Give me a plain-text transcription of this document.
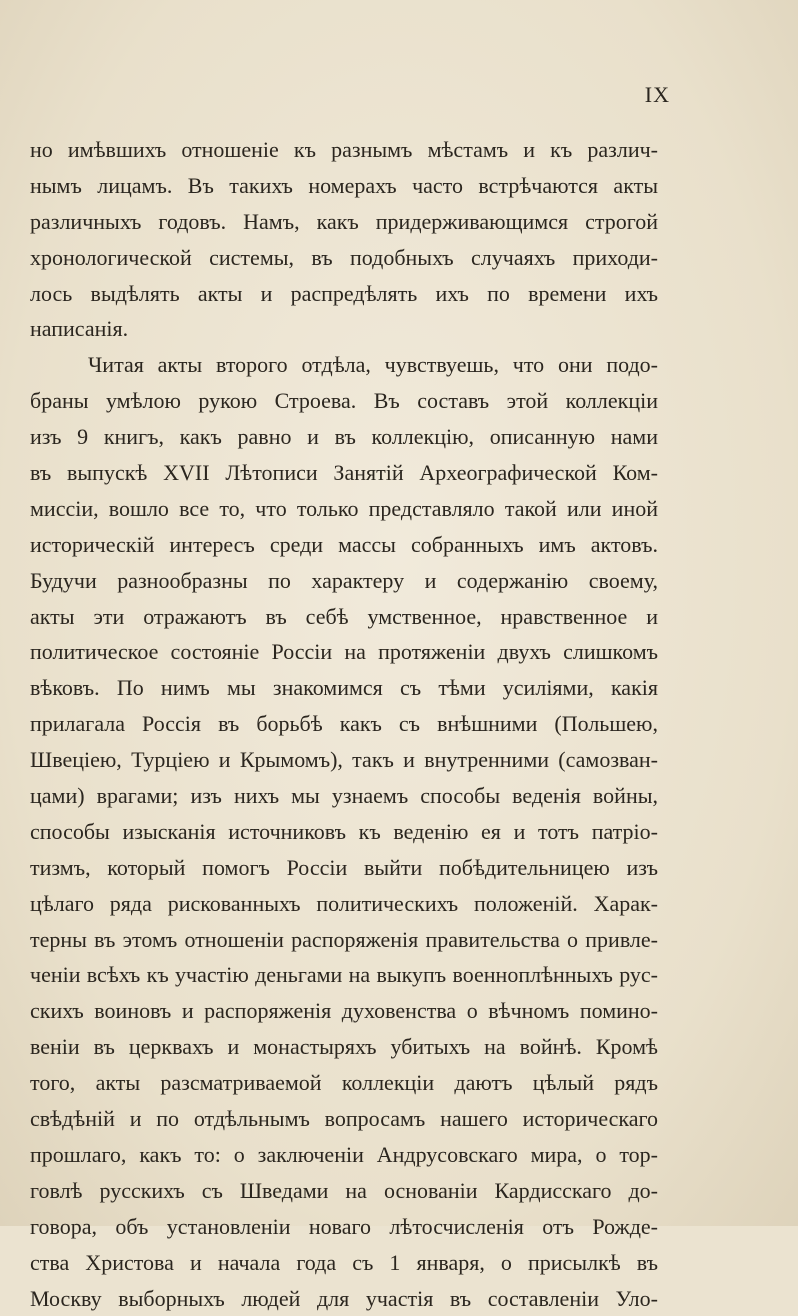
IX
но имѣвшихъ отношеніе къ разнымъ мѣстамъ и къ различ-
нымъ лицамъ. Въ такихъ номерахъ часто встрѣчаются акты
различныхъ годовъ. Намъ, какъ придерживающимся строгой
хронологической системы, въ подобныхъ случаяхъ приходи-
лось выдѣлять акты и распредѣлять ихъ по времени ихъ
написанія.
Читая акты второго отдѣла, чувствуешь, что они подо-
браны умѣлою рукою Строева. Въ составъ этой коллекціи
изъ 9 книгъ, какъ равно и въ коллекцію, описанную нами
въ выпускѣ XVII Лѣтописи Занятій Археографической Ком-
миссіи, вошло все то, что только представляло такой или иной
историческій интересъ среди массы собранныхъ имъ актовъ.
Будучи разнообразны по характеру и содержанію своему,
акты эти отражаютъ въ себѣ умственное, нравственное и
политическое состояніе Россіи на протяженіи двухъ слишкомъ
вѣковъ. По нимъ мы знакомимся съ тѣми усиліями, какія
прилагала Россія въ борьбѣ какъ съ внѣшними (Польшею,
Швеціею, Турціею и Крымомъ), такъ и внутренними (самозван-
цами) врагами; изъ нихъ мы узнаемъ способы веденія войны,
способы изысканія источниковъ къ веденію ея и тотъ патріо-
тизмъ, который помогъ Россіи выйти побѣдительницею изъ
цѣлаго ряда рискованныхъ политическихъ положеній. Харак-
терны въ этомъ отношеніи распоряженія правительства о привле-
ченіи всѣхъ къ участію деньгами на выкупъ военноплѣнныхъ рус-
скихъ воиновъ и распоряженія духовенства о вѣчномъ помино-
веніи въ церквахъ и монастыряхъ убитыхъ на войнѣ. Кромѣ
того, акты разсматриваемой коллекціи даютъ цѣлый рядъ
свѣдѣній и по отдѣльнымъ вопросамъ нашего историческаго
прошлаго, какъ то: о заключеніи Андрусовскаго мира, о тор-
говлѣ русскихъ съ Шведами на основаніи Кардисскаго до-
говора, объ установленіи новаго лѣтосчисленія отъ Рожде-
ства Христова и начала года съ 1 января, о присылкѣ въ
Москву выборныхъ людей для участія въ составленіи Уло-
